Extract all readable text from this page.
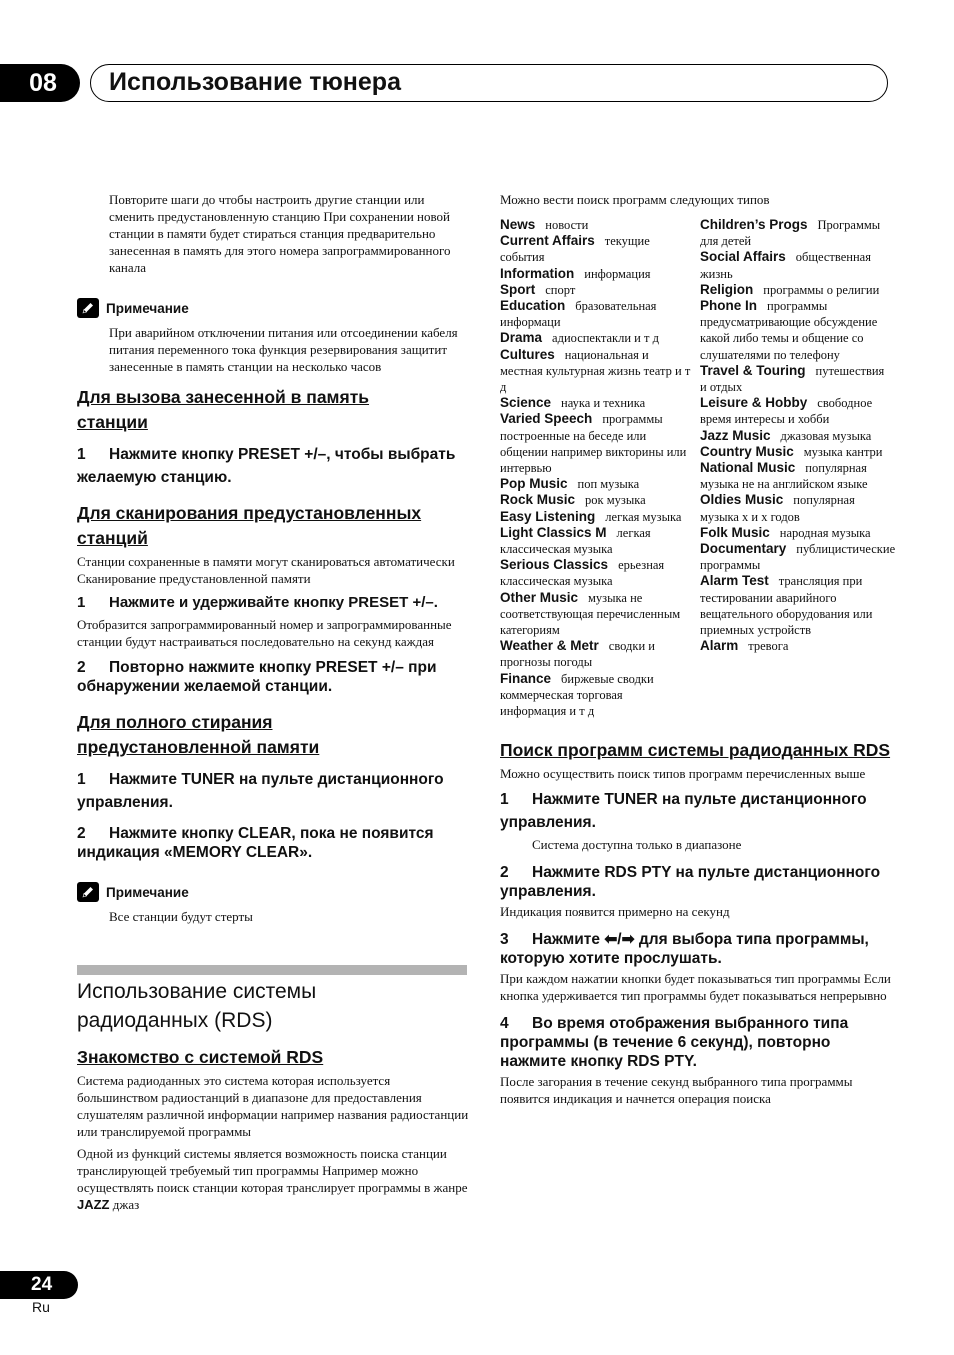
08	Использование тюнера

Повторите шаги до чтобы настроить другие станции или сменить предустановленную станцию При сохранении новой станции в памяти будет стираться станция предварительно занесенная в память для этого номера запрограммированного канала

Примечание

При аварийном отключении питания или отсоединении кабеля питания переменного тока функция резервирования защитит занесенные в память станции на несколько часов

Для вызова занесенной в память станции

1 Нажмите кнопку PRESET +/–, чтобы выбрать желаемую станцию.

Для сканирования предустановленных станций

Станции сохраненные в памяти могут сканироваться автоматически Сканирование предустановленной памяти

1 Нажмите и удерживайте кнопку PRESET +/–.

Отобразится запрограммированный номер и запрограммированные станции будут настраиваться последовательно на секунд каждая

2 Повторно нажмите кнопку PRESET +/– при обнаружении желаемой станции.

Для полного стирания предустановленной памяти

1 Нажмите TUNER на пульте дистанционного управления.

2 Нажмите кнопку CLEAR, пока не появится индикация «MEMORY CLEAR».

Примечание

Все станции будут стерты

Использование системы радиоданных (RDS)

Знакомство с системой RDS

Система радиоданных это система которая используется большинством радиостанций в диапазоне для предоставления слушателям различной информации например названия радиостанции или транслируемой программы

Одной из функций системы является возможность поиска станции транслирующей требуемый тип программы Например можно осуществлять поиск станции которая транслирует программы в жанре JAZZ джаз

Можно вести поиск программ следующих типов

News новости

Current Affairs текущие события

Information информация

Sport спорт

Education бразовательная информаци

Drama адиоспектакли и т д

Cultures национальная и местная культурная жизнь театр и т д

Science наука и техника

Varied Speech программы построенные на беседе или общении например викторины или интервью

Pop Music поп музыка

Rock Music рок музыка

Easy Listening легкая музыка

Light Classics M легкая классическая музыка

Serious Classics ерьезная классическая музыка

Other Music музыка не соответствующая перечисленным категориям

Weather & Metr сводки и прогнозы погоды

Finance биржевые сводки коммерческая торговая информация и т д

Children’s Progs Программы для детей

Social Affairs общественная жизнь

Religion программы о религии

Phone In программы предусматривающие обсуждение какой либо темы и общение со слушателями по телефону

Travel & Touring путешествия и отдых

Leisure & Hobby свободное время интересы и хобби

Jazz Music джазовая музыка

Country Music музыка кантри

National Music популярная музыка не на английском языке

Oldies Music популярная музыка х и х годов

Folk Music народная музыка

Documentary публицистические программы

Alarm Test трансляция при тестировании аварийного вещательного оборудования или приемных устройств

Alarm тревога

Поиск программ системы радиоданных RDS

Можно осуществить поиск типов программ перечисленных выше

1 Нажмите TUNER на пульте дистанционного управления.

Система доступна только в диапазоне

2 Нажмите RDS PTY на пульте дистанционного управления.

Индикация появится примерно на секунд

3 Нажмите ⬅/➡ для выбора типа программы, которую хотите прослушать.

При каждом нажатии кнопки будет показываться тип программы Если кнопка удерживается тип программы будет показываться непрерывно

4 Во время отображения выбранного типа программы (в течение 6 секунд), повторно нажмите кнопку RDS PTY.

После загорания в течение секунд выбранного типа программы появится индикация и начнется операция поиска

24
Ru
